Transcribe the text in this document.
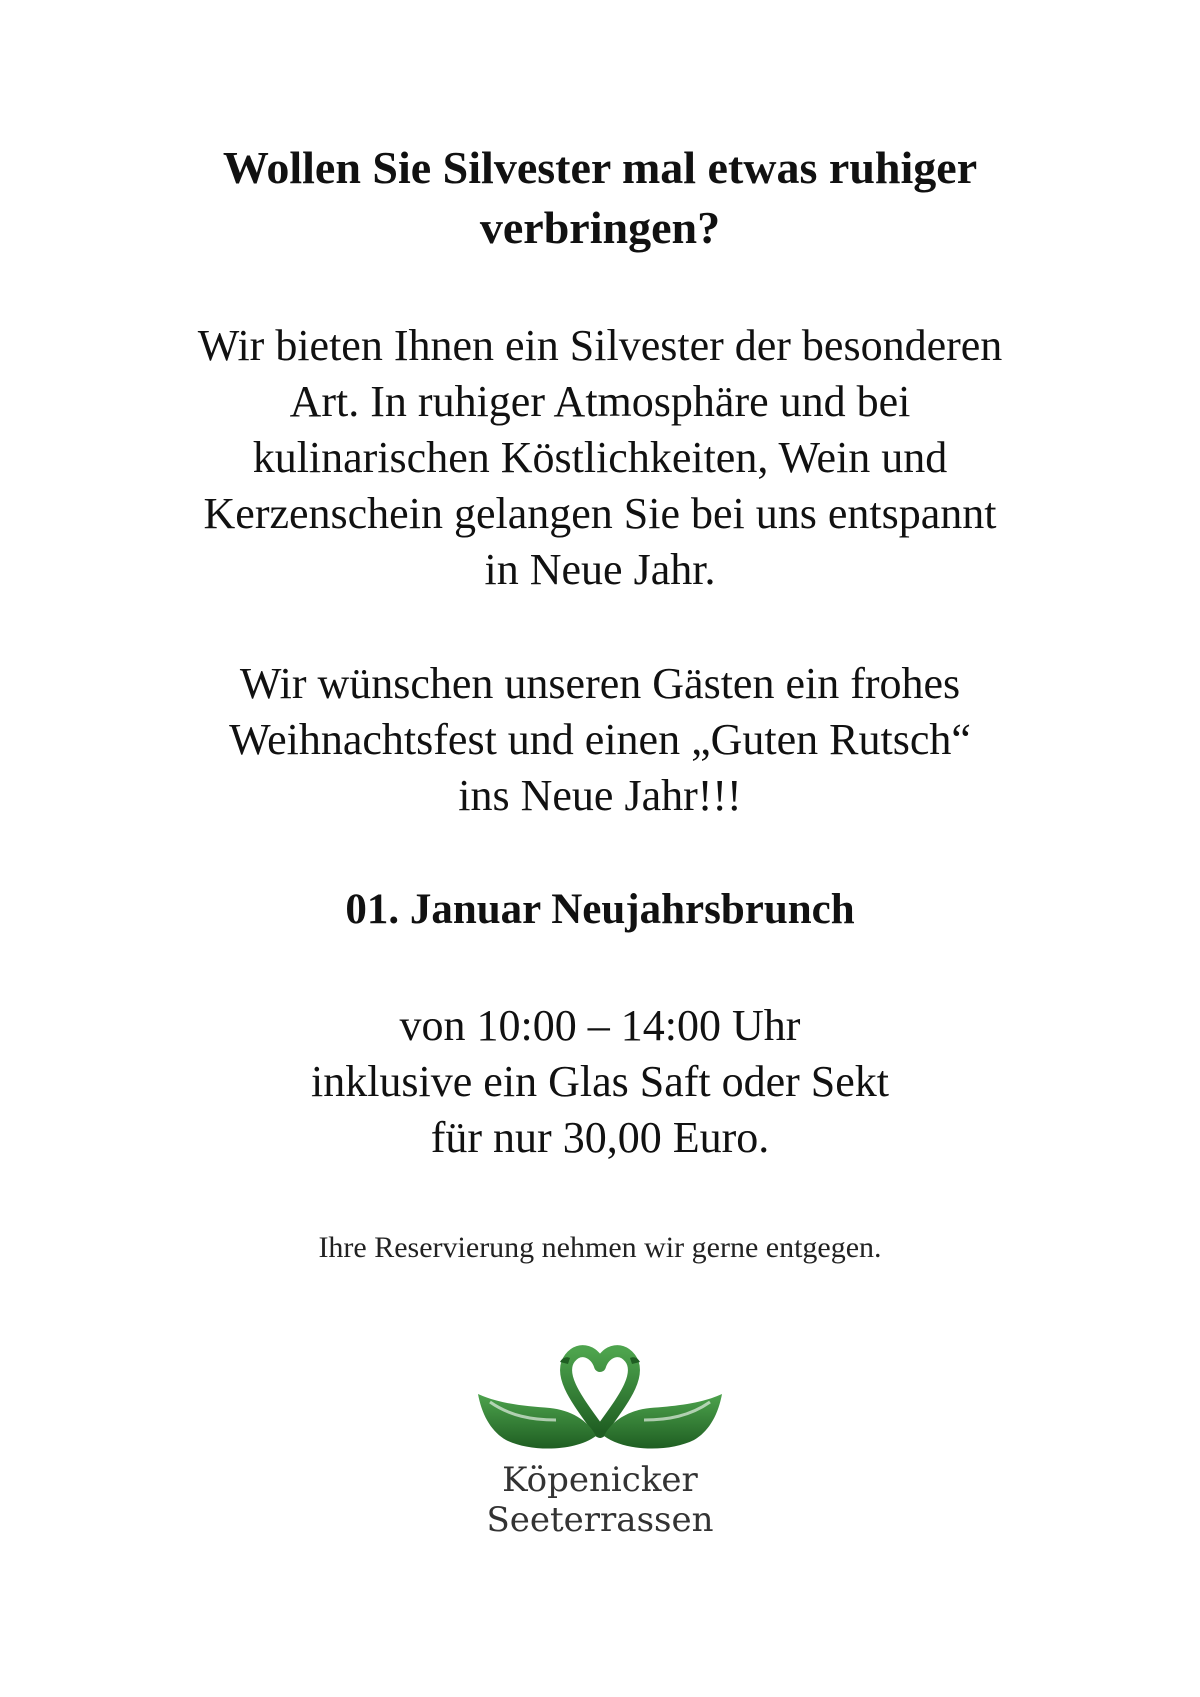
Wollen Sie Silvester mal etwas ruhiger
verbringen?

Wir bieten Ihnen ein Silvester der besonderen
Art. In ruhiger Atmosphäre und bei
kulinarischen Köstlichkeiten, Wein und
Kerzenschein gelangen Sie bei uns entspannt
in Neue Jahr.

Wir wünschen unseren Gästen ein frohes
Weihnachtsfest und einen „Guten Rutsch“
ins Neue Jahr!!!

01. Januar Neujahrsbrunch

von 10:00 – 14:00 Uhr
inklusive ein Glas Saft oder Sekt
für nur 30,00 Euro.

Ihre Reservierung nehmen wir gerne entgegen.

Köpenicker
Seeterrassen
